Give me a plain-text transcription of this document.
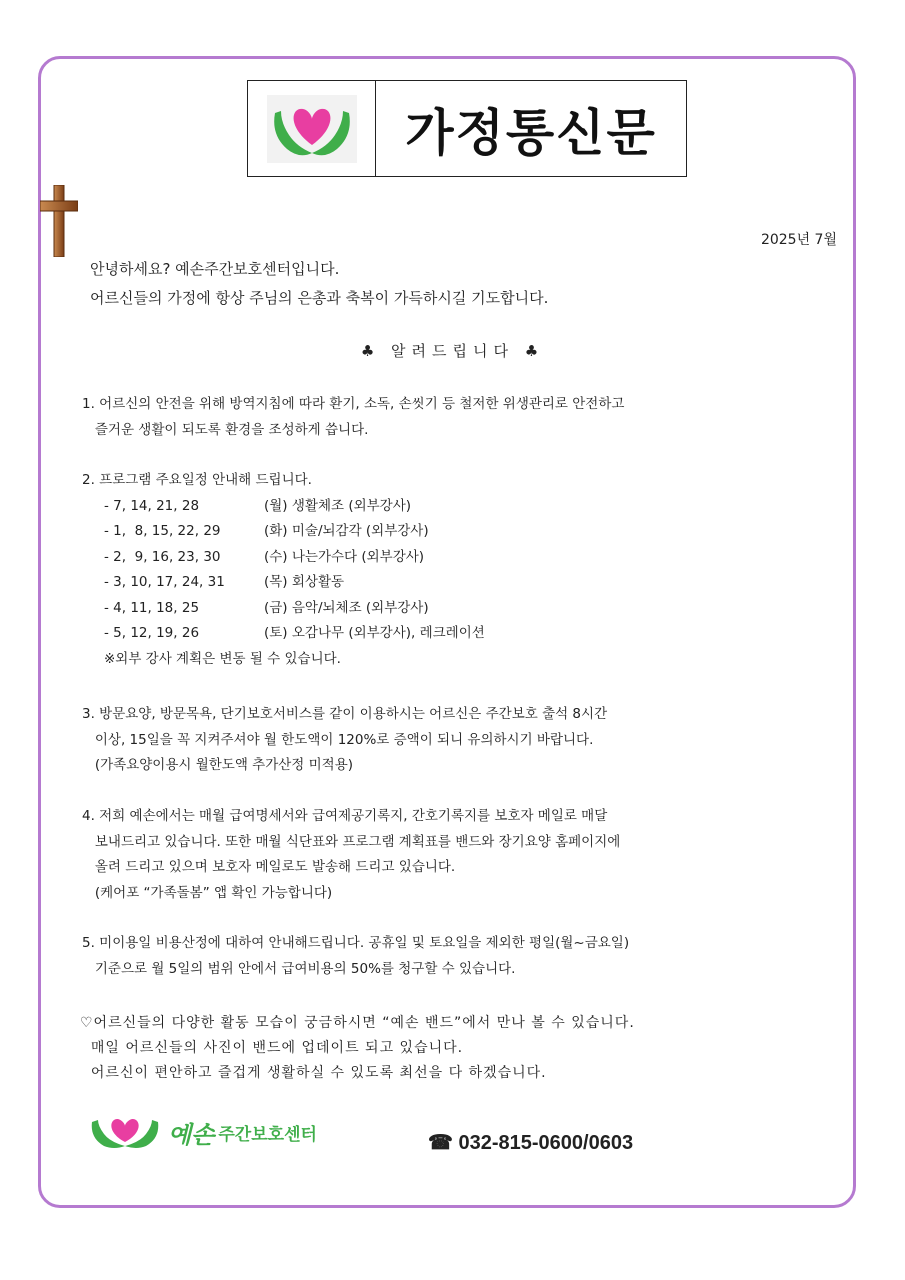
가정통신문
2025년 7월
안녕하세요? 예손주간보호센터입니다.
어르신들의 가정에 항상 주님의 은총과 축복이 가득하시길 기도합니다.
♣ 알려드립니다 ♣
1. 어르신의 안전을 위해 방역지침에 따라 환기, 소독, 손씻기 등 철저한 위생관리로 안전하고
즐거운 생활이 되도록 환경을 조성하게 씁니다.
2. 프로그램 주요일정 안내해 드립니다.
- 7, 14, 21, 28	(월) 생활체조 (외부강사)
- 1,  8, 15, 22, 29	(화) 미술/뇌감각 (외부강사)
- 2,  9, 16, 23, 30	(수) 나는가수다 (외부강사)
- 3, 10, 17, 24, 31	(목) 회상활동
- 4, 11, 18, 25	(금) 음악/뇌체조 (외부강사)
- 5, 12, 19, 26	(토) 오감나무 (외부강사), 레크레이션
※외부 강사 계획은 변동 될 수 있습니다.
3. 방문요양, 방문목욕, 단기보호서비스를 같이 이용하시는 어르신은 주간보호 출석 8시간
이상, 15일을 꼭 지켜주셔야 월 한도액이 120%로 증액이 되니 유의하시기 바랍니다.
(가족요양이용시 월한도액 추가산정 미적용)
4. 저희 예손에서는 매월 급여명세서와 급여제공기록지, 간호기록지를 보호자 메일로 매달
보내드리고 있습니다. 또한 매월 식단표와 프로그램 계획표를 밴드와 장기요양 홈페이지에
올려 드리고 있으며 보호자 메일로도 발송해 드리고 있습니다.
(케어포 “가족돌봄” 앱 확인 가능합니다)
5. 미이용일 비용산정에 대하여 안내해드립니다. 공휴일 및 토요일을 제외한 평일(월~금요일)
기준으로 월 5일의 범위 안에서 급여비용의 50%를 청구할 수 있습니다.
♡어르신들의 다양한 활동 모습이 궁금하시면 “예손 밴드”에서 만나 볼 수 있습니다.
매일 어르신들의 사진이 밴드에 업데이트 되고 있습니다.
어르신이 편안하고 즐겁게 생활하실 수 있도록 최선을 다 하겠습니다.
예손 주간보호센터	☎ 032-815-0600/0603
